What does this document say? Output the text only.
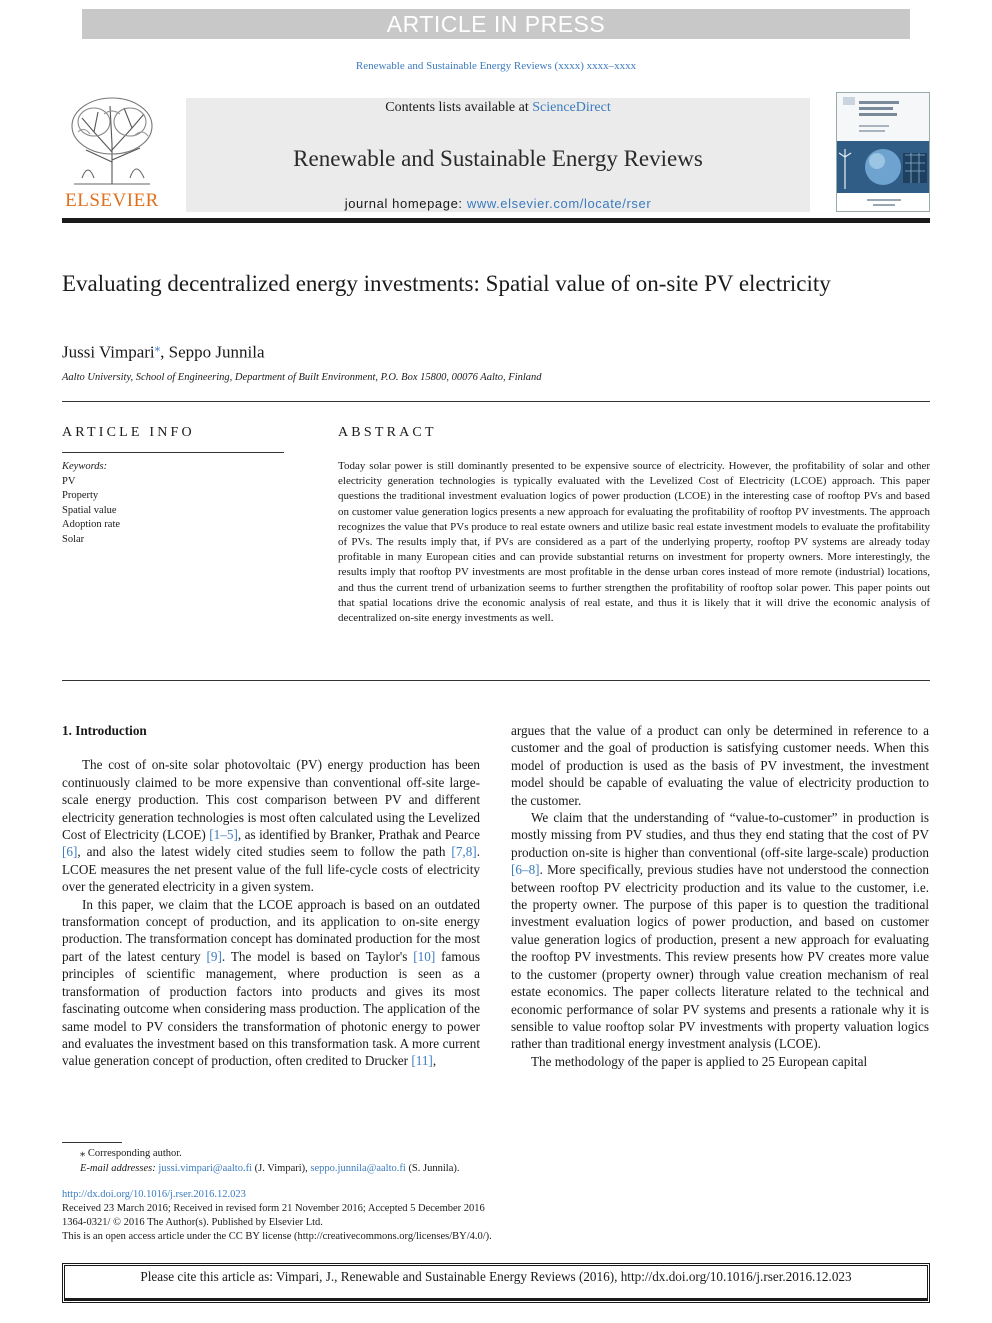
ARTICLE IN PRESS
Renewable and Sustainable Energy Reviews (xxxx) xxxx–xxxx
ELSEVIER
Contents lists available at ScienceDirect
Renewable and Sustainable Energy Reviews
journal homepage: www.elsevier.com/locate/rser
Evaluating decentralized energy investments: Spatial value of on-site PV electricity
Jussi Vimpari⁎, Seppo Junnila
Aalto University, School of Engineering, Department of Built Environment, P.O. Box 15800, 00076 Aalto, Finland
ARTICLE INFO
Keywords:
PV
Property
Spatial value
Adoption rate
Solar
ABSTRACT
Today solar power is still dominantly presented to be expensive source of electricity. However, the profitability of solar and other electricity generation technologies is typically evaluated with the Levelized Cost of Electricity (LCOE) approach. This paper questions the traditional investment evaluation logics of power production (LCOE) in the interesting case of rooftop PVs and based on customer value generation logics presents a new approach for evaluating the profitability of rooftop PV investments. The approach recognizes the value that PVs produce to real estate owners and utilize basic real estate investment models to evaluate the profitability of PVs. The results imply that, if PVs are considered as a part of the underlying property, rooftop PV systems are already today profitable in many European cities and can provide substantial returns on investment for property owners. More interestingly, the results imply that rooftop PV investments are most profitable in the dense urban cores instead of more remote (industrial) locations, and thus the current trend of urbanization seems to further strengthen the profitability of rooftop solar power. This paper points out that spatial locations drive the economic analysis of real estate, and thus it is likely that it will drive the economic analysis of decentralized on-site energy investments as well.
1. Introduction

The cost of on-site solar photovoltaic (PV) energy production has been continuously claimed to be more expensive than conventional off-site large-scale energy production. This cost comparison between PV and different electricity generation technologies is most often calculated using the Levelized Cost of Electricity (LCOE) [1–5], as identified by Branker, Prathak and Pearce [6], and also the latest widely cited studies seem to follow the path [7,8]. LCOE measures the net present value of the full life-cycle costs of electricity over the generated electricity in a given system.

In this paper, we claim that the LCOE approach is based on an outdated transformation concept of production, and its application to on-site energy production. The transformation concept has dominated production for the most part of the latest century [9]. The model is based on Taylor's [10] famous principles of scientific management, where production is seen as a transformation of production factors into products and gives its most fascinating outcome when considering mass production. The application of the same model to PV considers the transformation of photonic energy to power and evaluates the investment based on this transformation task. A more current value generation concept of production, often credited to Drucker [11],

argues that the value of a product can only be determined in reference to a customer and the goal of production is satisfying customer needs. When this model of production is used as the basis of PV investment, the investment model should be capable of evaluating the value of electricity production to the customer.

We claim that the understanding of “value-to-customer” in production is mostly missing from PV studies, and thus they end stating that the cost of PV production on-site is higher than conventional (off-site large-scale) production [6–8]. More specifically, previous studies have not understood the connection between rooftop PV electricity production and its value to the customer, i.e. the property owner. The purpose of this paper is to question the traditional investment evaluation logics of power production, and based on customer value generation logics of production, present a new approach for evaluating the rooftop PV investments. This review presents how PV creates more value to the customer (property owner) through value creation mechanism of real estate economics. The paper collects literature related to the technical and economic performance of solar PV systems and presents a rationale why it is sensible to value rooftop solar PV investments with property valuation logics rather than traditional energy investment analysis (LCOE).

The methodology of the paper is applied to 25 European capital

⁎ Corresponding author.
E-mail addresses: jussi.vimpari@aalto.fi (J. Vimpari), seppo.junnila@aalto.fi (S. Junnila).
http://dx.doi.org/10.1016/j.rser.2016.12.023
Received 23 March 2016; Received in revised form 21 November 2016; Accepted 5 December 2016
1364-0321/ © 2016 The Author(s). Published by Elsevier Ltd.
This is an open access article under the CC BY license (http://creativecommons.org/licenses/BY/4.0/).
Please cite this article as: Vimpari, J., Renewable and Sustainable Energy Reviews (2016), http://dx.doi.org/10.1016/j.rser.2016.12.023
